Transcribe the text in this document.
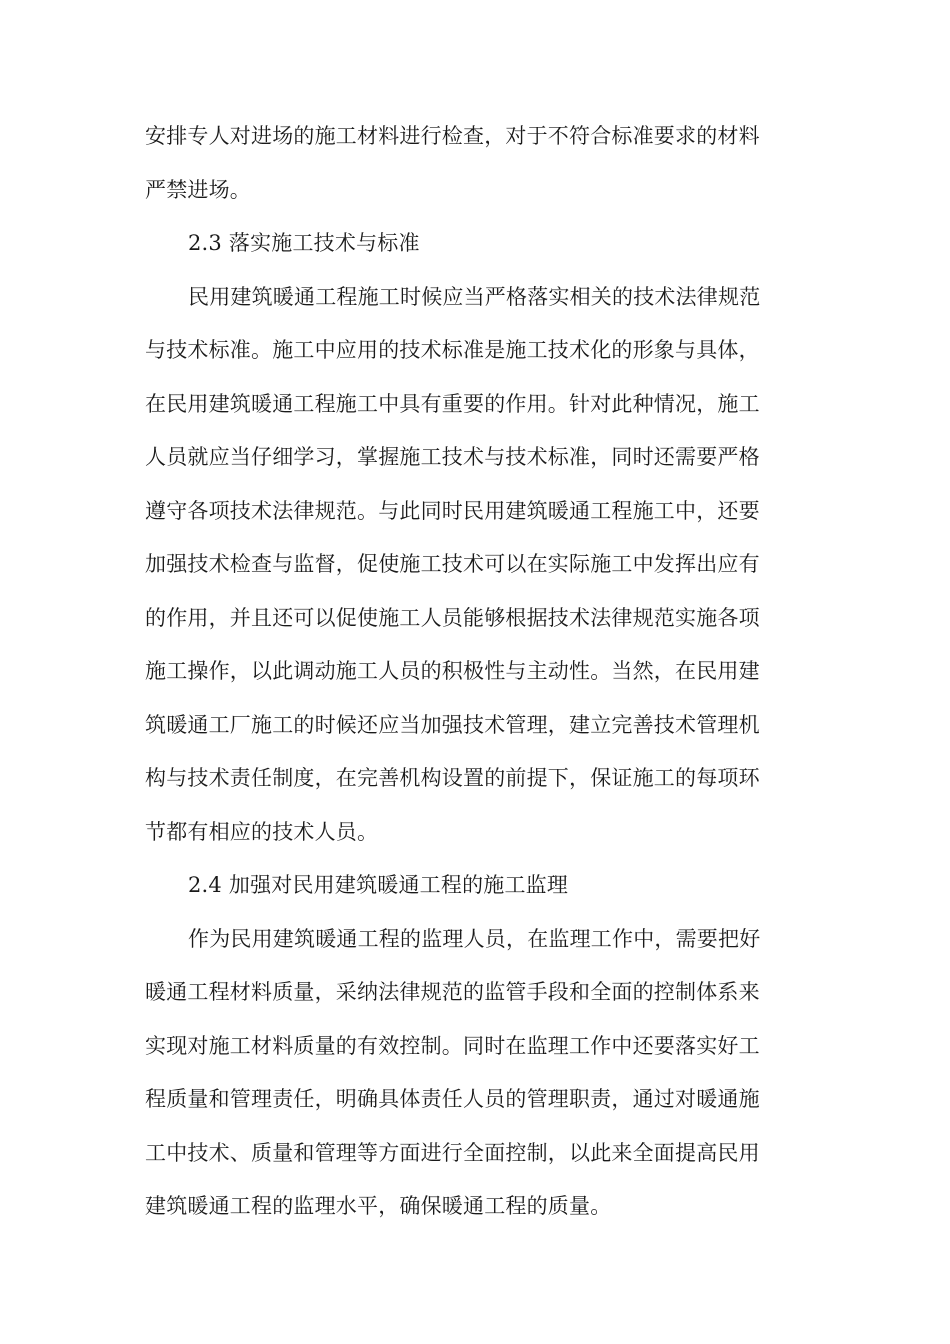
安排专人对进场的施工材料进行检查，对于不符合标准要求的材料
严禁进场。
2.3 落实施工技术与标准
民用建筑暖通工程施工时候应当严格落实相关的技术法律规范
与技术标准。施工中应用的技术标准是施工技术化的形象与具体，
在民用建筑暖通工程施工中具有重要的作用。针对此种情况，施工
人员就应当仔细学习，掌握施工技术与技术标准，同时还需要严格
遵守各项技术法律规范。与此同时民用建筑暖通工程施工中，还要
加强技术检查与监督，促使施工技术可以在实际施工中发挥出应有
的作用，并且还可以促使施工人员能够根据技术法律规范实施各项
施工操作，以此调动施工人员的积极性与主动性。当然，在民用建
筑暖通工厂施工的时候还应当加强技术管理，建立完善技术管理机
构与技术责任制度，在完善机构设置的前提下，保证施工的每项环
节都有相应的技术人员。
2.4 加强对民用建筑暖通工程的施工监理
作为民用建筑暖通工程的监理人员，在监理工作中，需要把好
暖通工程材料质量，采纳法律规范的监管手段和全面的控制体系来
实现对施工材料质量的有效控制。同时在监理工作中还要落实好工
程质量和管理责任，明确具体责任人员的管理职责，通过对暖通施
工中技术、质量和管理等方面进行全面控制，以此来全面提高民用
建筑暖通工程的监理水平，确保暖通工程的质量。
